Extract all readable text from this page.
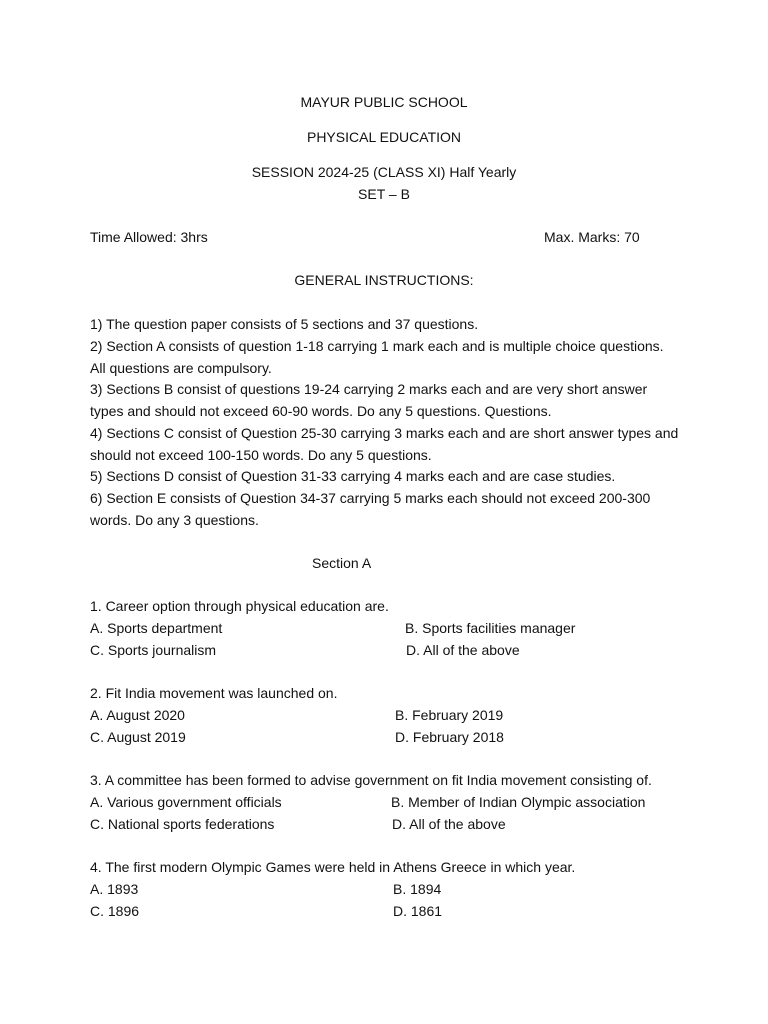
MAYUR PUBLIC SCHOOL
PHYSICAL EDUCATION
SESSION 2024-25 (CLASS XI) Half Yearly
SET – B
Time Allowed: 3hrs	Max. Marks: 70
GENERAL INSTRUCTIONS:
1) The question paper consists of 5 sections and 37 questions.
2) Section A consists of question 1-18 carrying 1 mark each and is multiple choice questions.
All questions are compulsory.
3) Sections B consist of questions 19-24 carrying 2 marks each and are very short answer
types and should not exceed 60-90 words. Do any 5 questions. Questions.
4) Sections C consist of Question 25-30 carrying 3 marks each and are short answer types and
should not exceed 100-150 words. Do any 5 questions.
5) Sections D consist of Question 31-33 carrying 4 marks each and are case studies.
6) Section E consists of Question 34-37 carrying 5 marks each should not exceed 200-300
words. Do any 3 questions.
Section A
1. Career option through physical education are.
A. Sports department	B. Sports facilities manager
C. Sports journalism	D. All of the above
2. Fit India movement was launched on.
A. August 2020	B. February 2019
C. August 2019	D. February 2018
3. A committee has been formed to advise government on fit India movement consisting of.
A. Various government officials	B. Member of Indian Olympic association
C. National sports federations	D. All of the above
4. The first modern Olympic Games were held in Athens Greece in which year.
A. 1893	B. 1894
C. 1896	D. 1861
